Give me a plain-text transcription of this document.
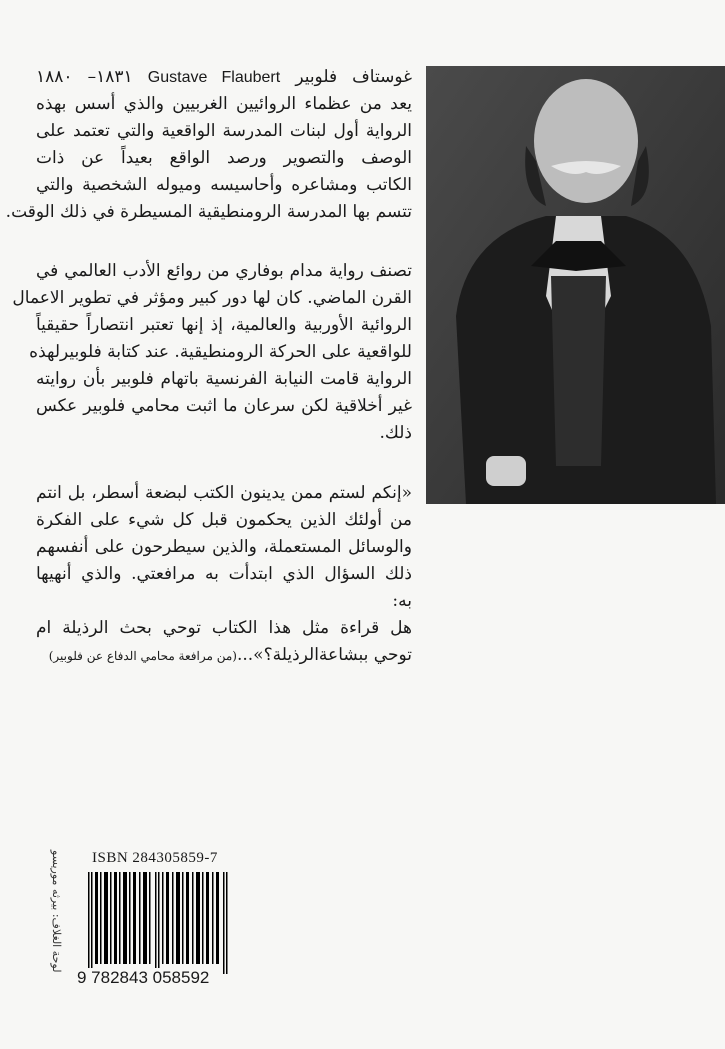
غوستاف فلوبير Gustave Flaubert ١٨٣١– ١٨٨٠
يعد من عظماء الروائيين الغربيين والذي أسس بهذه
الرواية أول لبنات المدرسة الواقعية والتي تعتمد على
الوصف والتصوير ورصد الواقع بعيداً عن ذات
الكاتب ومشاعره وأحاسيسه وميوله الشخصية والتي
تتسم بها المدرسة الرومنطيقية المسيطرة في ذلك الوقت.
تصنف رواية مدام بوفاري من روائع الأدب العالمي في
القرن الماضي. كان لها دور كبير ومؤثر في تطوير الاعمال
الروائية الأوربية والعالمية، إذ إنها تعتبر انتصاراً حقيقياً
للواقعية على الحركة الرومنطيقية. عند كتابة فلوبيرلهذه
الرواية قامت النيابة الفرنسية باتهام فلوبير بأن روايته
غير أخلاقية لكن سرعان ما اثبت محامي فلوبير عكس
ذلك.
«إنكم لستم ممن يدينون الكتب لبضعة أسطر، بل انتم
من أولئك الذين يحكمون قبل كل شيء على الفكرة
والوسائل المستعملة، والذين سيطرحون على أنفسهم
ذلك السؤال الذي ابتدأت به مرافعتي. والذي أنهيها
به:
هل قراءة مثل هذا الكتاب توحي بحث الرذيلة ام
توحي ببشاعةالرذيلة؟»...(من مرافعة محامي الدفاع عن فلوبير)
لوحة الغلاف: بيرثه موريسو ISBN 284305859-7
9 782843 058592
